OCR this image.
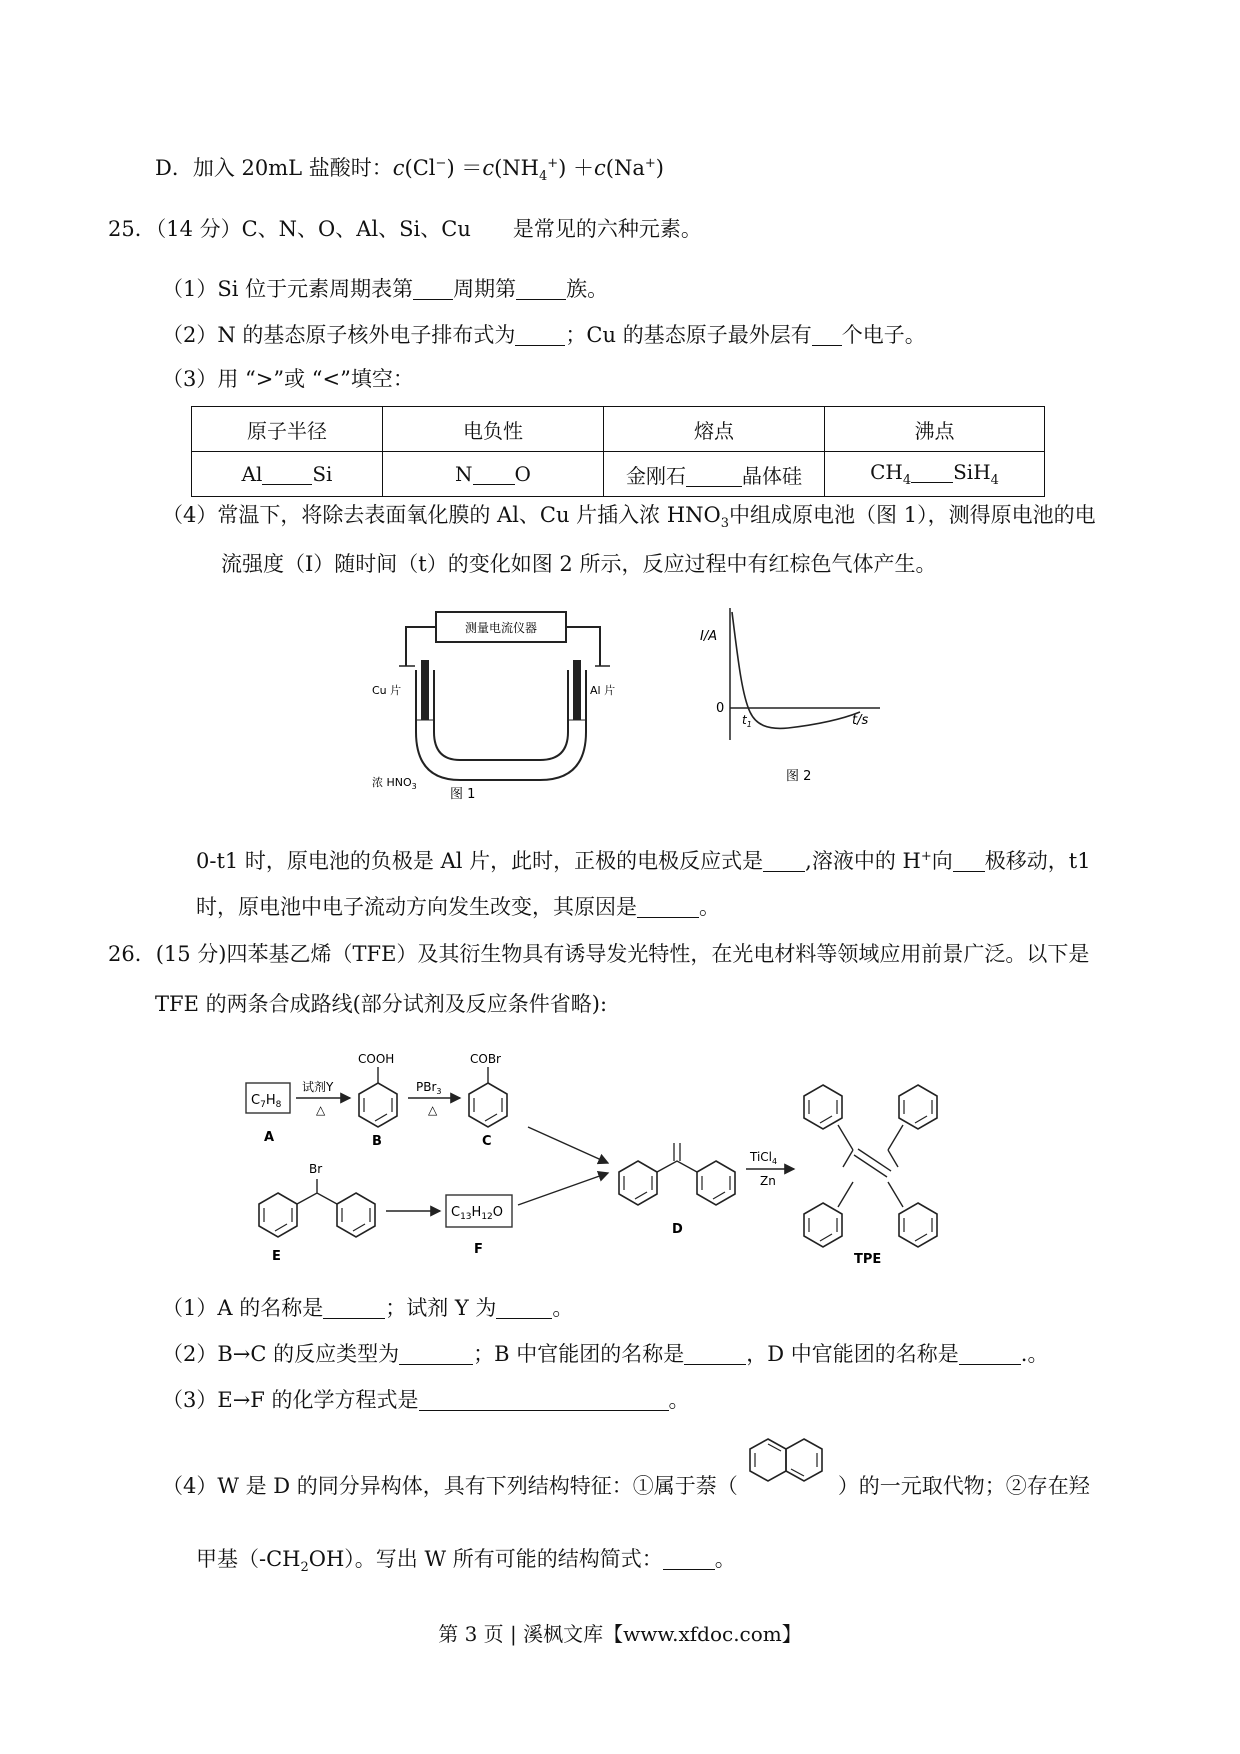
D．加入 20mL 盐酸时：$c(Cl^-) =c(NH_4^+) +c(Na^+)$
25．（14 分）C、N、O、Al、Si、Cu 是常见的六种元素。
（1）Si 位于元素周期表第 周期第 族。
（2）N 的基态原子核外电子排布式为 ；Cu 的基态原子最外层有 个电子。
（3）用 “>”或 “<”填空：
原子半径	电负性	熔点	沸点
Al Si	N O	金刚石 晶体硅	$CH_4$ SiH$_4$
（4）常温下，将除去表面氧化膜的 Al、Cu 片插入浓 $HNO_3$中组成原电池（图 1），测得原电池的电
流强度（I）随时间（t）的变化如图 2 所示，反应过程中有红棕色气体产生。
测量电流仪器
Cu 片	Al 片
浓 $HNO_3$
图 1
I/A
t/s
0
$t_1$
图 2
0-t1 时，原电池的负极是 Al 片，此时，正极的电极反应式是 ,溶液中的 H+向 极移动，t1
时，原电池中电子流动方向发生改变，其原因是	。
26．(15 分)四苯基乙烯（TFE）及其衍生物具有诱导发光特性，在光电材料等领域应用前景广泛。以下是
TFE 的两条合成路线(部分试剂及反应条件省略):
$C_7H_8$
A
试剂Y
△
COOH
B
PBr$_3$
△
COBr
C
Br
E
$C_{13}H_{12}O$
F
D
TiCl$_4$
Zn
TPE
（1）A 的名称是	；试剂 Y 为	。
（2）B→C 的反应类型为	；B 中官能团的名称是	，D 中官能团的名称是	.。
（3）E→F 的化学方程式是	。
（4）W 是 D 的同分异构体，具有下列结构特征：①属于萘（	）的一元取代物；②存在羟
甲基$(-CH_2OH)$。写出 W 所有可能的结构简式： 。
第 3 页 | 溪枫文库【www.xfdoc.com】
